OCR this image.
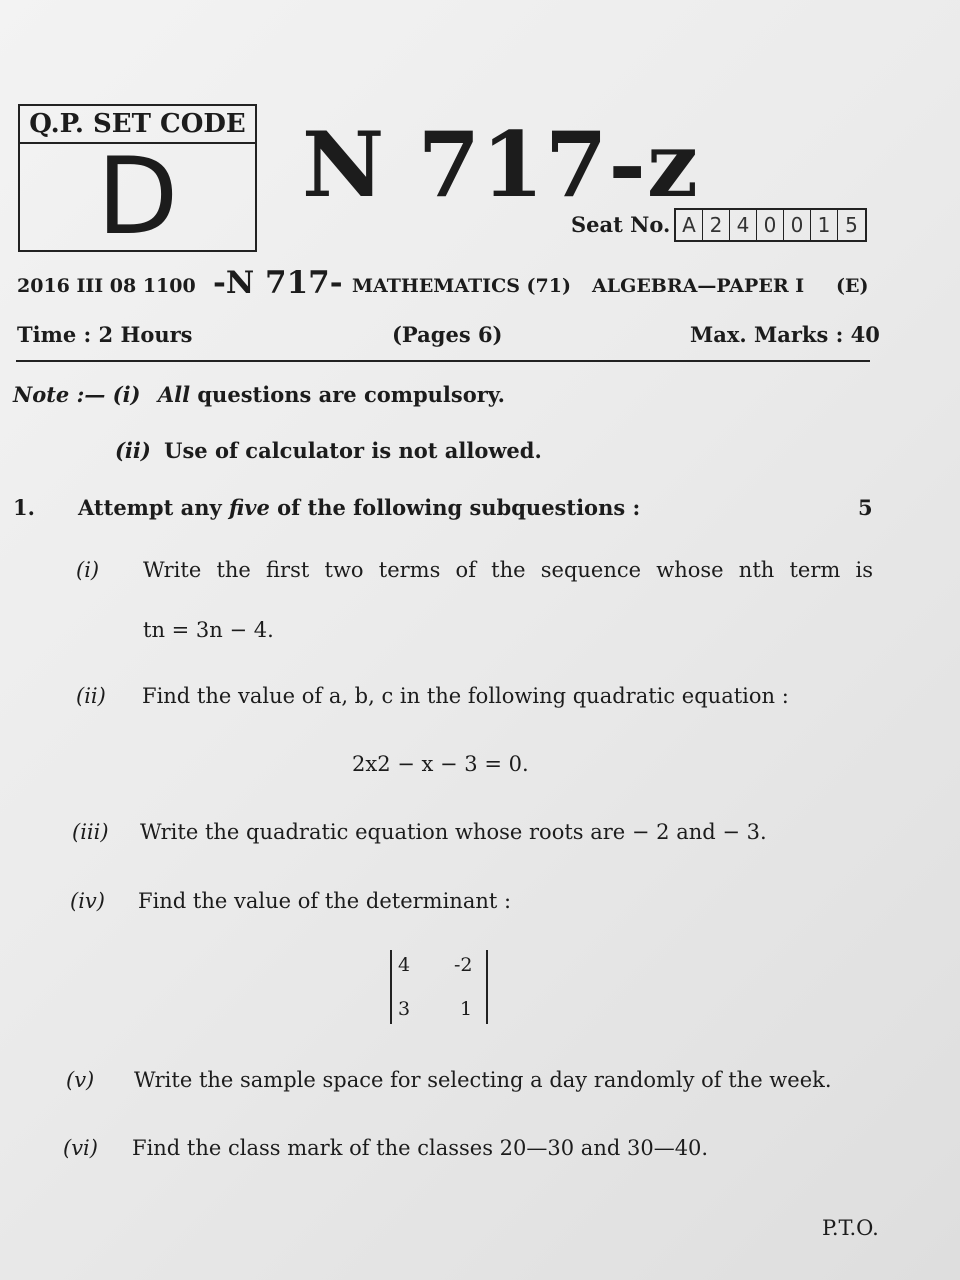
Q.P. SET CODE
D	N 717-z
Seat No. A 2 4 0 0 1 5
2016 III 08 1100 -N 717- MATHEMATICS (71) ALGEBRA—PAPER I (E)
Time : 2 Hours	(Pages 6)	Max. Marks : 40
Note :— (i) All questions are compulsory.
(ii) Use of calculator is not allowed.
1. Attempt any five of the following subquestions :	5
(i) Write the first two terms of the sequence whose nth term is
tn = 3n − 4.
(ii) Find the value of a, b, c in the following quadratic equation :
2x2 − x − 3 = 0.
(iii) Write the quadratic equation whose roots are − 2 and − 3.
(iv) Find the value of the determinant :
4 -2
3	1
(v) Write the sample space for selecting a day randomly of the week.
(vi) Find the class mark of the classes 20—30 and 30—40.
P.T.O.
